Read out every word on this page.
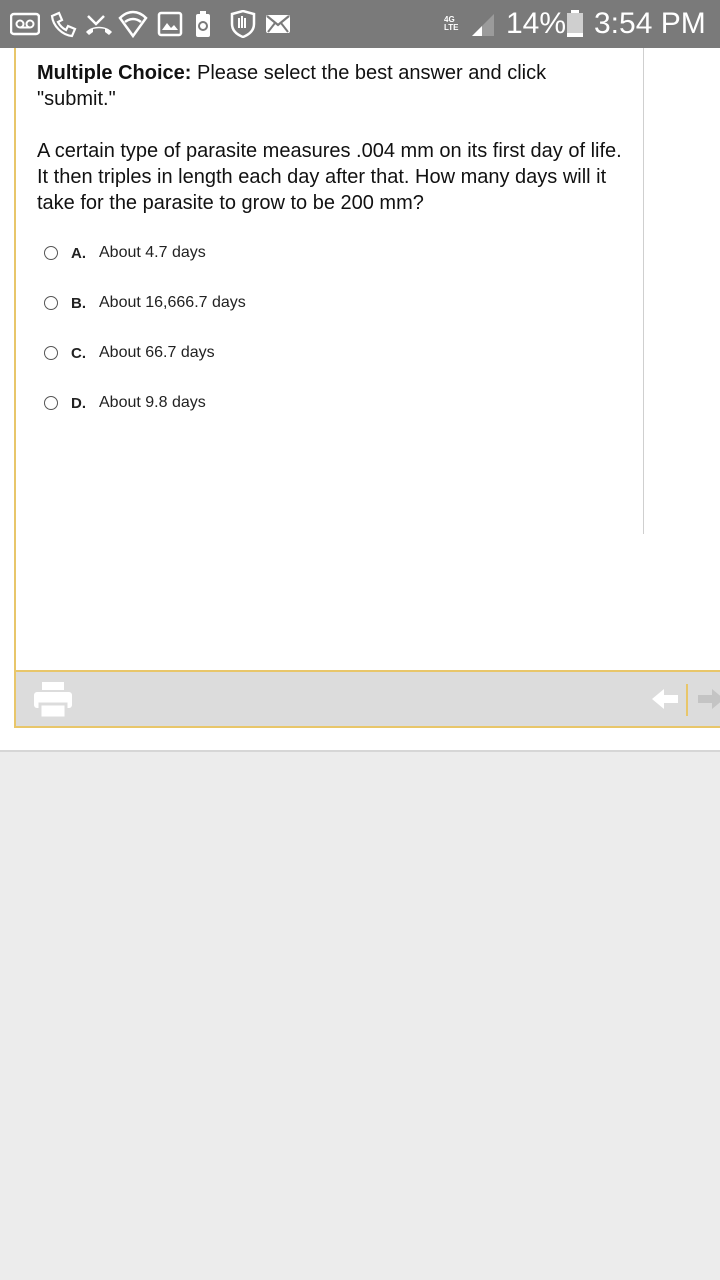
4G LTE 14% 3:54 PM

Multiple Choice: Please select the best answer and click "submit."

A certain type of parasite measures .004 mm on its first day of life. It then triples in length each day after that. How many days will it take for the parasite to grow to be 200 mm?

A. About 4.7 days
B. About 16,666.7 days
C. About 66.7 days
D. About 9.8 days
